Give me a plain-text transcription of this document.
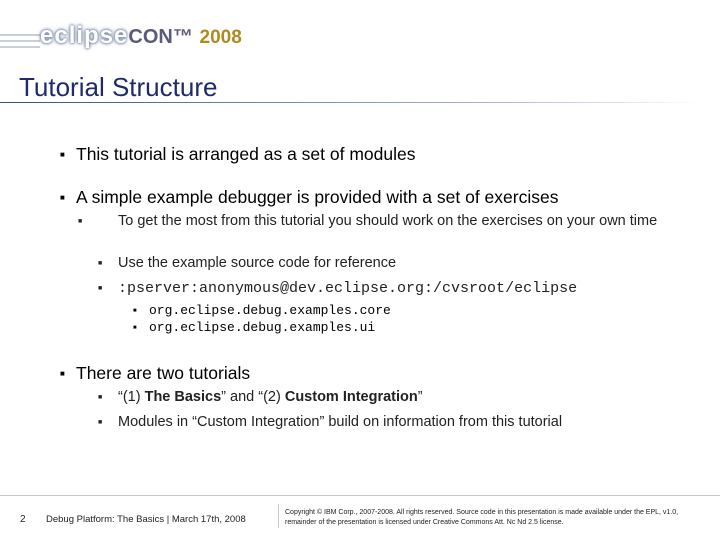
eclipseCON™ 2008
Tutorial Structure
■ This tutorial is arranged as a set of modules
■ A simple example debugger is provided with a set of exercises
■ To get the most from this tutorial you should work on the exercises on your own time
■ Use the example source code for reference
■ :pserver:anonymous@dev.eclipse.org:/cvsroot/eclipse
■ org.eclipse.debug.examples.core
■ org.eclipse.debug.examples.ui
■ There are two tutorials
■ “(1) The Basics” and “(2) Custom Integration”
■ Modules in “Custom Integration” build on information from this tutorial
2 Debug Platform: The Basics | March 17th, 2008
Copyright © IBM Corp., 2007-2008. All rights reserved. Source code in this presentation is made available under the EPL, v1.0, remainder of the presentation is licensed under Creative Commons Att. Nc Nd 2.5 license.
